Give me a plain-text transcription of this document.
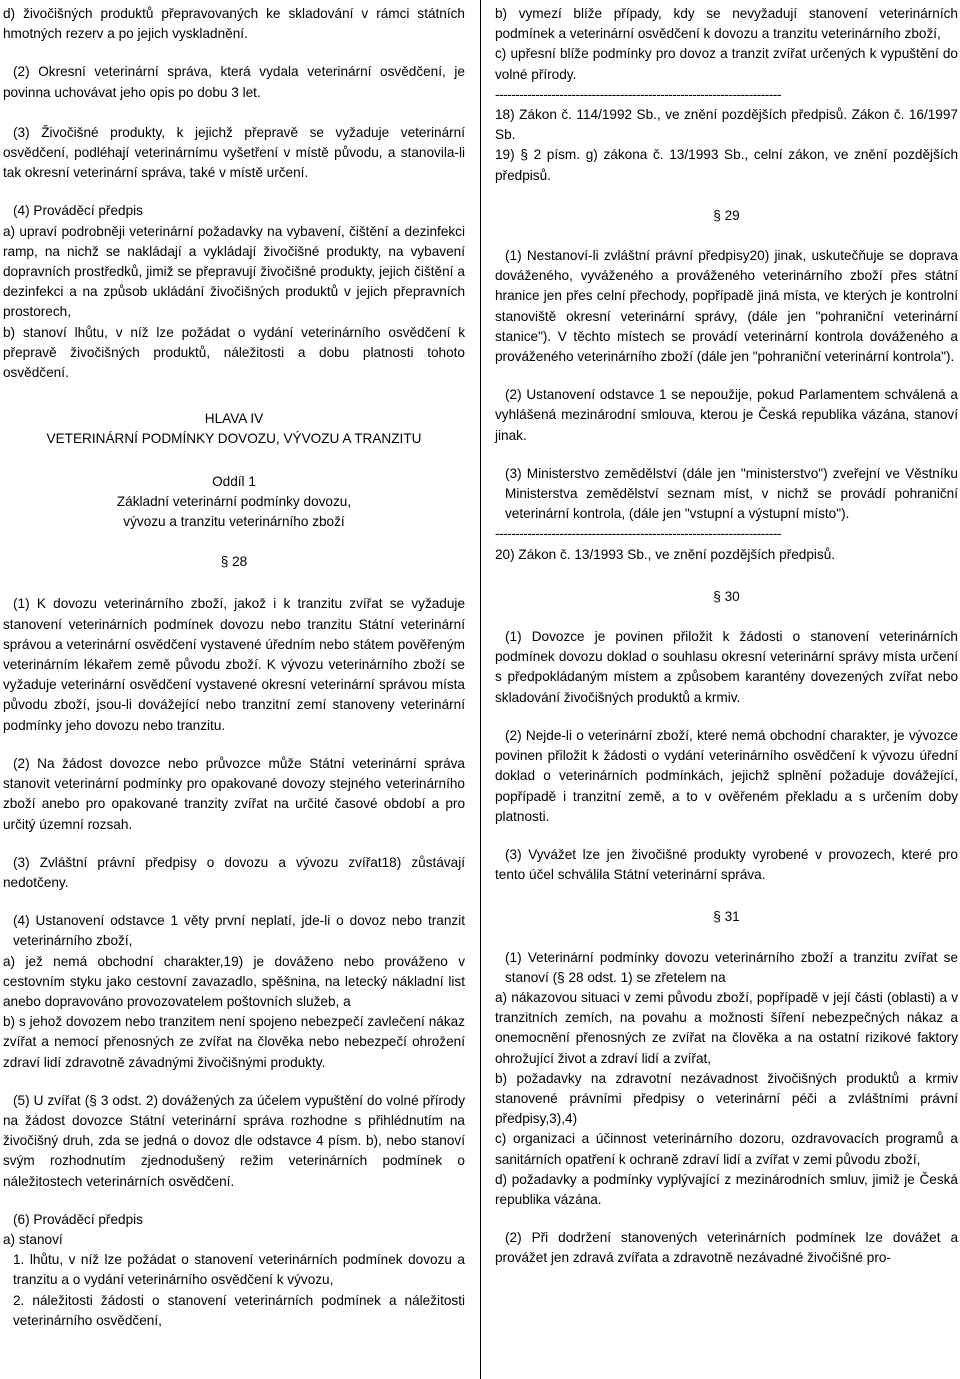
d) živočišných produktů přepravovaných ke skladování v rámci státních hmotných rezerv a po jejich vyskladnění.

(2) Okresní veterinární správa, která vydala veterinární osvědčení, je povinna uchovávat jeho opis po dobu 3 let.

(3) Živočišné produkty, k jejichž přepravě se vyžaduje veterinární osvědčení, podléhají veterinárnímu vyšetření v místě původu, a stanovila-li tak okresní veterinární správa, také v místě určení.

(4) Prováděcí předpis
a) upraví podrobněji veterinární požadavky na vybavení, čištění a dezinfekci ramp, na nichž se nakládají a vykládají živočišné produkty, na vybavení dopravních prostředků, jimiž se přepravují živočišné produkty, jejich čištění a dezinfekci a na způsob ukládání živočišných produktů v jejich přepravních prostorech,
b) stanoví lhůtu, v níž lze požádat o vydání veterinárního osvědčení k přepravě živočišných produktů, náležitosti a dobu platnosti tohoto osvědčení.

HLAVA IV
VETERINÁRNÍ PODMÍNKY DOVOZU, VÝVOZU A TRANZITU
Oddíl 1
Základní veterinární podmínky dovozu,
vývozu a tranzitu veterinárního zboží
§ 28

(1) K dovozu veterinárního zboží, jakož i k tranzitu zvířat se vyžaduje stanovení veterinárních podmínek dovozu nebo tranzitu Státní veterinární správou a veterinární osvědčení vystavené úředním nebo státem pověřeným veterinárním lékařem země původu zboží. K vývozu veterinárního zboží se vyžaduje veterinární osvědčení vystavené okresní veterinární správou místa původu zboží, jsou-li dovážející nebo tranzitní zemí stanoveny veterinární podmínky jeho dovozu nebo tranzitu.

(2) Na žádost dovozce nebo průvozce může Státní veterinární správa stanovit veterinární podmínky pro opakované dovozy stejného veterinárního zboží anebo pro opakované tranzity zvířat na určité časové období a pro určitý územní rozsah.

(3) Zvláštní právní předpisy o dovozu a vývozu zvířat18) zůstávají nedotčeny.

(4) Ustanovení odstavce 1 věty první neplatí, jde-li o dovoz nebo tranzit veterinárního zboží,
a) jež nemá obchodní charakter,19) je dováženo nebo prováženo v cestovním styku jako cestovní zavazadlo, spěšnina, na letecký nákladní list anebo dopravováno provozovatelem poštovních služeb, a
b) s jehož dovozem nebo tranzitem není spojeno nebezpečí zavlečení nákaz zvířat a nemocí přenosných ze zvířat na člověka nebo nebezpečí ohrožení zdraví lidí zdravotně závadnými živočišnými produkty.

(5) U zvířat (§ 3 odst. 2) dovážených za účelem vypuštění do volné přírody na žádost dovozce Státní veterinární správa rozhodne s přihlédnutím na živočišný druh, zda se jedná o dovoz dle odstavce 4 písm. b), nebo stanoví svým rozhodnutím zjednodušený režim veterinárních podmínek o náležitostech veterinárních osvědčení.

(6) Prováděcí předpis
a) stanoví
1. lhůtu, v níž lze požádat o stanovení veterinárních podmínek dovozu a tranzitu a o vydání veterinárního osvědčení k vývozu,
2. náležitosti žádosti o stanovení veterinárních podmínek a náležitosti veterinárního osvědčení,

b) vymezí blíže případy, kdy se nevyžadují stanovení veterinárních podmínek a veterinární osvědčení k dovozu a tranzitu veterinárního zboží,
c) upřesní blíže podmínky pro dovoz a tranzit zvířat určených k vypuštění do volné přírody.
-----------------------------------------------------------------------
18) Zákon č. 114/1992 Sb., ve znění pozdějších předpisů. Zákon č. 16/1997 Sb.
19) § 2 písm. g) zákona č. 13/1993 Sb., celní zákon, ve znění pozdějších předpisů.

§ 29

(1) Nestanoví-li zvláštní právní předpisy20) jinak, uskutečňuje se doprava dováženého, vyváženého a prováženého veterinárního zboží přes státní hranice jen přes celní přechody, popřípadě jiná místa, ve kterých je kontrolní stanoviště okresní veterinární správy, (dále jen "pohraniční veterinární stanice"). V těchto místech se provádí veterinární kontrola dováženého a prováženého veterinárního zboží (dále jen "pohraniční veterinární kontrola").

(2) Ustanovení odstavce 1 se nepoužije, pokud Parlamentem schválená a vyhlášená mezinárodní smlouva, kterou je Česká republika vázána, stanoví jinak.

(3) Ministerstvo zemědělství (dále jen "ministerstvo") zveřejní ve Věstníku Ministerstva zemědělství seznam míst, v nichž se provádí pohraniční veterinární kontrola, (dále jen "vstupní a výstupní místo").
-----------------------------------------------------------------------
20) Zákon č. 13/1993 Sb., ve znění pozdějších předpisů.

§ 30

(1) Dovozce je povinen přiložit k žádosti o stanovení veterinárních podmínek dovozu doklad o souhlasu okresní veterinární správy místa určení s předpokládaným místem a způsobem karantény dovezených zvířat nebo skladování živočišných produktů a krmiv.

(2) Nejde-li o veterinární zboží, které nemá obchodní charakter, je vývozce povinen přiložit k žádosti o vydání veterinárního osvědčení k vývozu úřední doklad o veterinárních podmínkách, jejichž splnění požaduje dovážející, popřípadě i tranzitní země, a to v ověřeném překladu a s určením doby platnosti.

(3) Vyvážet lze jen živočišné produkty vyrobené v provozech, které pro tento účel schválila Státní veterinární správa.

§ 31

(1) Veterinární podmínky dovozu veterinárního zboží a tranzitu zvířat se stanoví (§ 28 odst. 1) se zřetelem na
a) nákazovou situaci v zemi původu zboží, popřípadě v její části (oblasti) a v tranzitních zemích, na povahu a možnosti šíření nebezpečných nákaz a onemocnění přenosných ze zvířat na člověka a na ostatní rizikové faktory ohrožující život a zdraví lidí a zvířat,
b) požadavky na zdravotní nezávadnost živočišných produktů a krmiv stanovené právními předpisy o veterinární péči a zvláštními právní předpisy,3),4)
c) organizaci a účinnost veterinárního dozoru, ozdravovacích programů a sanitárních opatření k ochraně zdraví lidí a zvířat v zemi původu zboží,
d) požadavky a podmínky vyplývající z mezinárodních smluv, jimiž je Česká republika vázána.

(2) Při dodržení stanovených veterinárních podmínek lze dovážet a provážet jen zdravá zvířata a zdravotně nezávadné živočišné pro-
